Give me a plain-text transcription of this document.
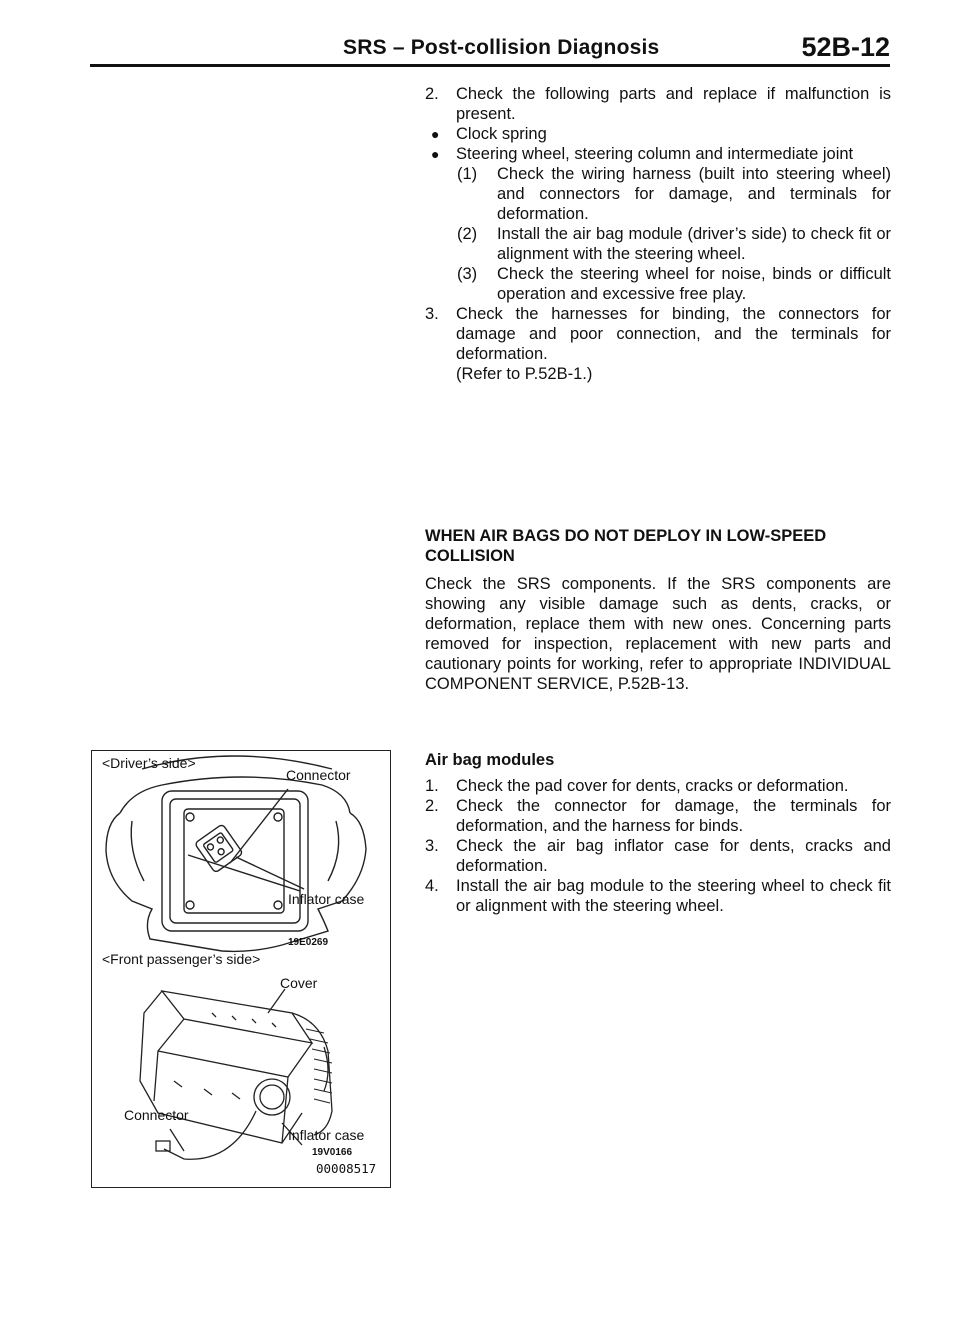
SRS – Post-collision Diagnosis	52B-12
2. Check the following parts and replace if malfunction is present.
● Clock spring
● Steering wheel, steering column and intermediate joint
(1) Check the wiring harness (built into steering wheel) and connectors for damage, and terminals for deformation.
(2) Install the air bag module (driver’s side) to check fit or alignment with the steering wheel.
(3) Check the steering wheel for noise, binds or difficult operation and excessive free play.
3. Check the harnesses for binding, the connectors for damage and poor connection, and the terminals for deformation.
(Refer to P.52B-1.)
WHEN AIR BAGS DO NOT DEPLOY IN LOW-SPEED COLLISION
Check the SRS components. If the SRS components are showing any visible damage such as dents, cracks, or deformation, replace them with new ones. Concerning parts removed for inspection, replacement with new parts and cautionary points for working, refer to appropriate INDIVIDUAL COMPONENT SERVICE, P.52B-13.
Air bag modules
1. Check the pad cover for dents, cracks or deformation.
2. Check the connector for damage, the terminals for deformation, and the harness for binds.
3. Check the air bag inflator case for dents, cracks and deformation.
4. Install the air bag module to the steering wheel to check fit or alignment with the steering wheel.
<Driver’s side>
Connector
Inflator case
19E0269
<Front passenger’s side>
Cover
Connector
Inflator case
19V0166
00008517
